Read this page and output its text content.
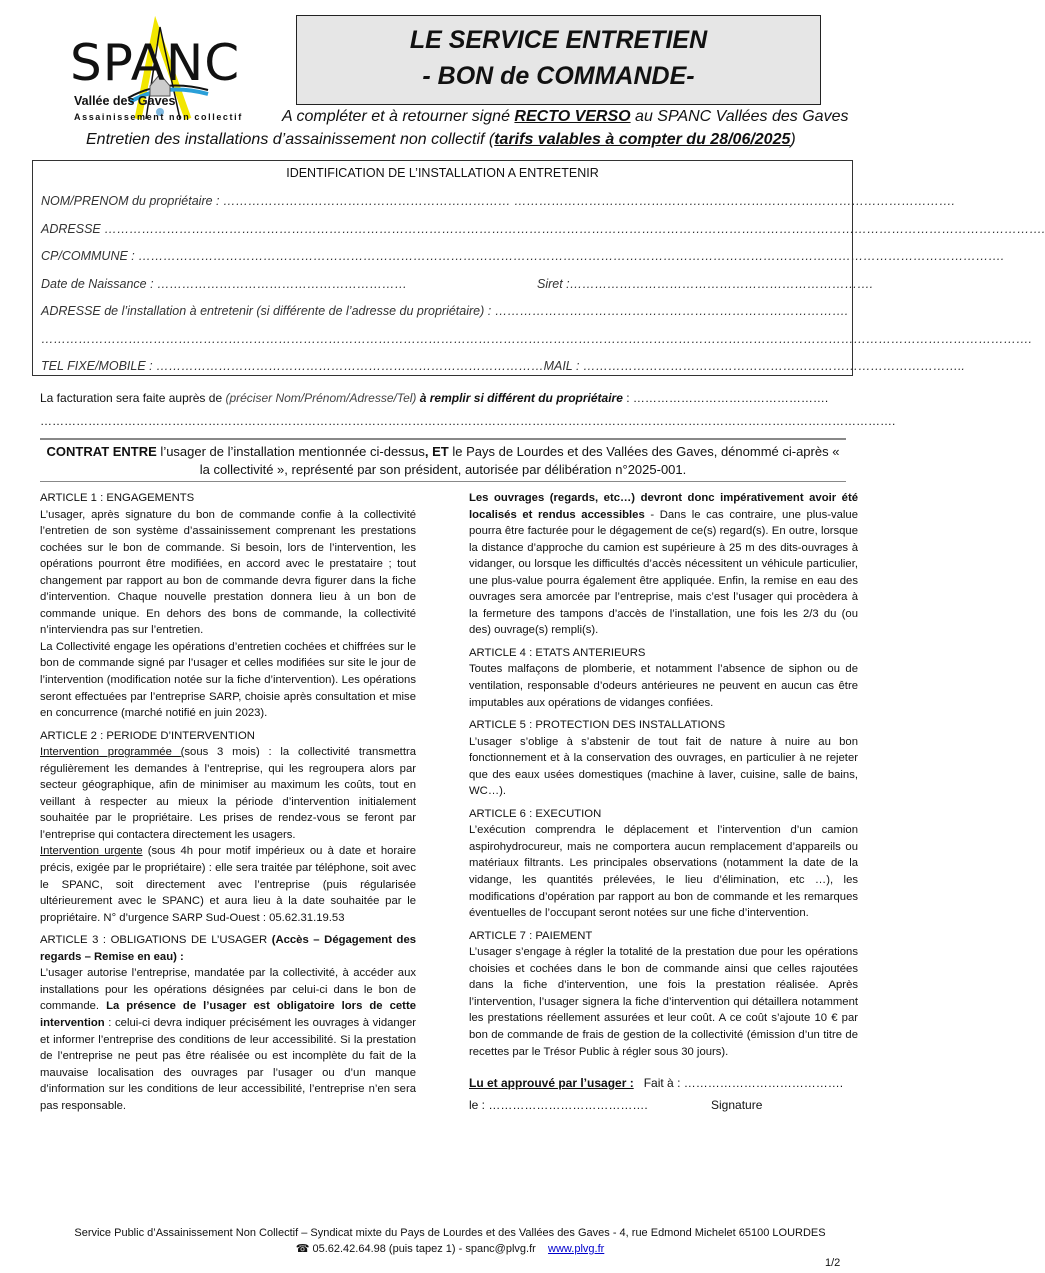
SPANC
Vallée des Gaves
Assainissement non collectif
LE SERVICE ENTRETIEN
- BON de COMMANDE-
A compléter et à retourner signé RECTO VERSO au SPANC Vallées des Gaves
Entretien des installations d’assainissement non collectif (tarifs valables à compter du 28/06/2025)
IDENTIFICATION DE L’INSTALLATION A ENTRETENIR
NOM/PRENOM du propriétaire : …………………………………………………………… …………………………………………………………………………………………….
ADRESSE ……………………………………………………………………………………………………………………………………………………………………………………………………….
CP/COMMUNE : ……………………………………………………………………………………………………………………………………………………………………………………….
Date de Naissance : ……………………………………………………	Siret :……………………………………………………………….
ADRESSE de l’installation à entretenir (si différente de l’adresse du propriétaire) : ………………………………………………………………………….
………………………………………………………………………………………………………………………………………………………………………………………………………………….
TEL FIXE/MOBILE : …………………………………………………………………………………MAIL : ………………………………………………………………………………..
La facturation sera faite auprès de (préciser Nom/Prénom/Adresse/Tel) à remplir si différent du propriétaire : ………………………………………….
…………………………………………………………………………………………………………………………………………………………………………………………….
CONTRAT ENTRE l’usager de l’installation mentionnée ci-dessus, ET le Pays de Lourdes et des Vallées des Gaves, dénommé ci-après « la collectivité », représenté par son président, autorisée par délibération n°2025-001.

ARTICLE 1 : ENGAGEMENTS

L’usager, après signature du bon de commande confie à la collectivité l’entretien de son système d’assainissement comprenant les prestations cochées sur le bon de commande. Si besoin, lors de l’intervention, les opérations pourront être modifiées, en accord avec le prestataire ; tout changement par rapport au bon de commande devra figurer dans la fiche d’intervention. Chaque nouvelle prestation donnera lieu à un bon de commande unique. En dehors des bons de commande, la collectivité n’interviendra pas sur l’entretien.

La Collectivité engage les opérations d’entretien cochées et chiffrées sur le bon de commande signé par l’usager et celles modifiées sur site le jour de l’intervention (modification notée sur la fiche d’intervention). Les opérations seront effectuées par l’entreprise SARP, choisie après consultation et mise en concurrence (marché notifié en juin 2023).

ARTICLE 2 : PERIODE D’INTERVENTION

Intervention programmée (sous 3 mois) : la collectivité transmettra régulièrement les demandes à l’entreprise, qui les regroupera alors par secteur géographique, afin de minimiser au maximum les coûts, tout en veillant à respecter au mieux la période d’intervention initialement souhaitée par le propriétaire. Les prises de rendez-vous se feront par l’entreprise qui contactera directement les usagers.

Intervention urgente (sous 4h pour motif impérieux ou à date et horaire précis, exigée par le propriétaire) : elle sera traitée par téléphone, soit avec le SPANC, soit directement avec l’entreprise (puis régularisée ultérieurement avec le SPANC) et aura lieu à la date souhaitée par le propriétaire. N° d’urgence SARP Sud-Ouest : 05.62.31.19.53

ARTICLE 3 : OBLIGATIONS DE L’USAGER (Accès – Dégagement des regards – Remise en eau) :

L’usager autorise l’entreprise, mandatée par la collectivité, à accéder aux installations pour les opérations désignées par celui-ci dans le bon de commande. La présence de l’usager est obligatoire lors de cette intervention : celui-ci devra indiquer précisément les ouvrages à vidanger et informer l’entreprise des conditions de leur accessibilité. Si la prestation de l’entreprise ne peut pas être réalisée ou est incomplète du fait de la mauvaise localisation des ouvrages par l’usager ou d’un manque d’information sur les conditions de leur accessibilité, l’entreprise n’en sera pas responsable.

Les ouvrages (regards, etc…) devront donc impérativement avoir été localisés et rendus accessibles - Dans le cas contraire, une plus-value pourra être facturée pour le dégagement de ce(s) regard(s). En outre, lorsque la distance d’approche du camion est supérieure à 25 m des dits-ouvrages à vidanger, ou lorsque les difficultés d’accès nécessitent un véhicule particulier, une plus-value pourra également être appliquée. Enfin, la remise en eau des ouvrages sera amorcée par l’entreprise, mais c’est l’usager qui procèdera à la fermeture des tampons d’accès de l’installation, une fois les 2/3 du (ou des) ouvrage(s) rempli(s).

ARTICLE 4 : ETATS ANTERIEURS

Toutes malfaçons de plomberie, et notamment l’absence de siphon ou de ventilation, responsable d’odeurs antérieures ne peuvent en aucun cas être imputables aux opérations de vidanges confiées.

ARTICLE 5 : PROTECTION DES INSTALLATIONS

L’usager s’oblige à s’abstenir de tout fait de nature à nuire au bon fonctionnement et à la conservation des ouvrages, en particulier à ne rejeter que des eaux usées domestiques (machine à laver, cuisine, salle de bains, WC…).

ARTICLE 6 : EXECUTION

L’exécution comprendra le déplacement et l’intervention d’un camion aspirohydrocureur, mais ne comportera aucun remplacement d’appareils ou matériaux filtrants. Les principales observations (notamment la date de la vidange, les quantités prélevées, le lieu d’élimination, etc …), les modifications d’opération par rapport au bon de commande et les remarques éventuelles de l’occupant seront notées sur une fiche d’intervention.

ARTICLE 7 : PAIEMENT

L’usager s’engage à régler la totalité de la prestation due pour les opérations choisies et cochées dans le bon de commande ainsi que celles rajoutées dans la fiche d’intervention, une fois la prestation réalisée. Après l’intervention, l’usager signera la fiche d’intervention qui détaillera notamment les prestations réellement assurées et leur coût. A ce coût s’ajoute 10 € par bon de commande de frais de gestion de la collectivité (émission d’un titre de recettes par le Trésor Public à régler sous 30 jours).

Lu et approuvé par l’usager : Fait à : ………………………………….
le : ………………………………….	Signature
Service Public d’Assainissement Non Collectif – Syndicat mixte du Pays de Lourdes et des Vallées des Gaves - 4, rue Edmond Michelet 65100 LOURDES
☎ 05.62.42.64.98 (puis tapez 1) - spanc@plvg.fr www.plvg.fr
1/2
